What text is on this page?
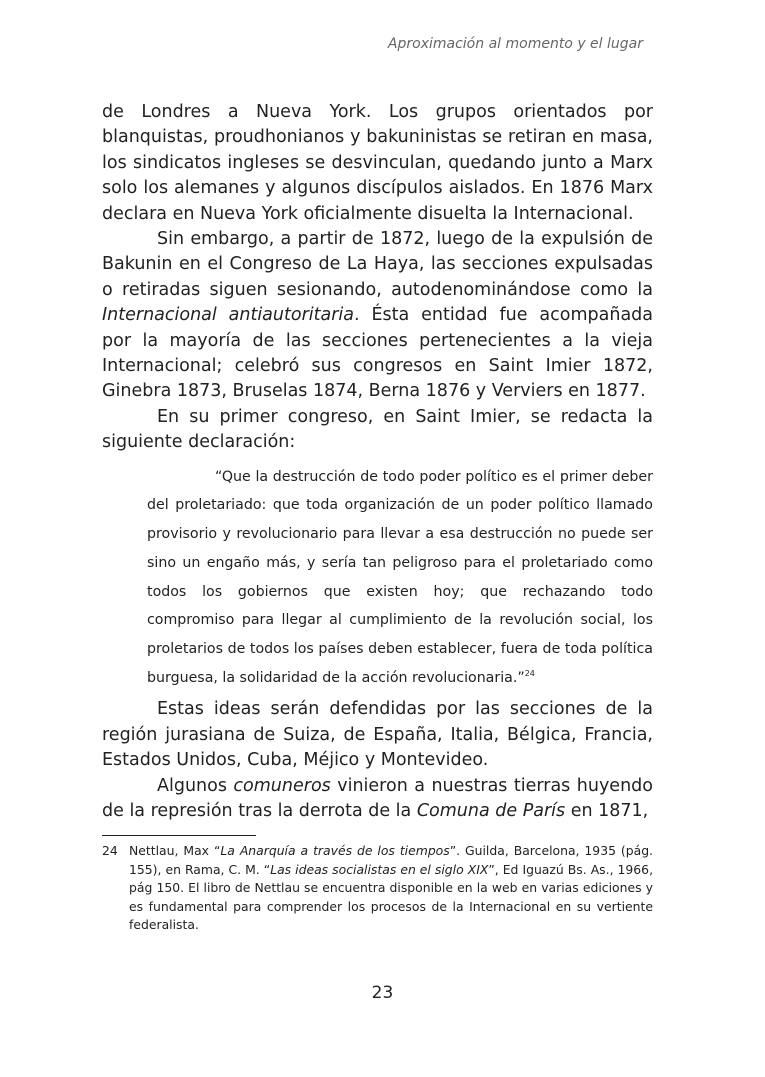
Aproximación al momento y el lugar

de Londres a Nueva York. Los grupos orientados por blanquistas, proudhonianos y bakuninistas se retiran en masa, los sindicatos ingleses se desvinculan, quedando junto a Marx solo los alemanes y algunos discípulos aislados. En 1876 Marx declara en Nueva York oficialmente disuelta la Internacional.

Sin embargo, a partir de 1872, luego de la expulsión de Bakunin en el Congreso de La Haya, las secciones expulsadas o retiradas siguen sesionando, autodenominándose como la Internacional antiautoritaria. Ésta entidad fue acompañada por la mayoría de las secciones pertenecientes a la vieja Internacional; celebró sus congresos en Saint Imier 1872, Ginebra 1873, Bruselas 1874, Berna 1876 y Verviers en 1877.

En su primer congreso, en Saint Imier, se redacta la siguiente declaración:

“Que la destrucción de todo poder político es el primer deber del proletariado: que toda organización de un poder político llamado provisorio y revolucionario para llevar a esa destrucción no puede ser sino un engaño más, y sería tan peligroso para el proletariado como todos los gobiernos que existen hoy; que rechazando todo compromiso para llegar al cumplimiento de la revolución social, los proletarios de todos los países deben establecer, fuera de toda política burguesa, la solidaridad de la acción revolucionaria.”$^{24}$

Estas ideas serán defendidas por las secciones de la región jurasiana de Suiza, de España, Italia, Bélgica, Francia, Estados Unidos, Cuba, Méjico y Montevideo.

Algunos comuneros vinieron a nuestras tierras huyendo de la represión tras la derrota de la Comuna de París en 1871,

24 Nettlau, Max “La Anarquía a través de los tiempos”. Guilda, Barcelona, 1935 (pág. 155), en Rama, C. M. “Las ideas socialistas en el siglo XIX”, Ed Iguazú Bs. As., 1966, pág 150. El libro de Nettlau se encuentra disponible en la web en varias ediciones y es fundamental para comprender los procesos de la Internacional en su vertiente federalista.
23
